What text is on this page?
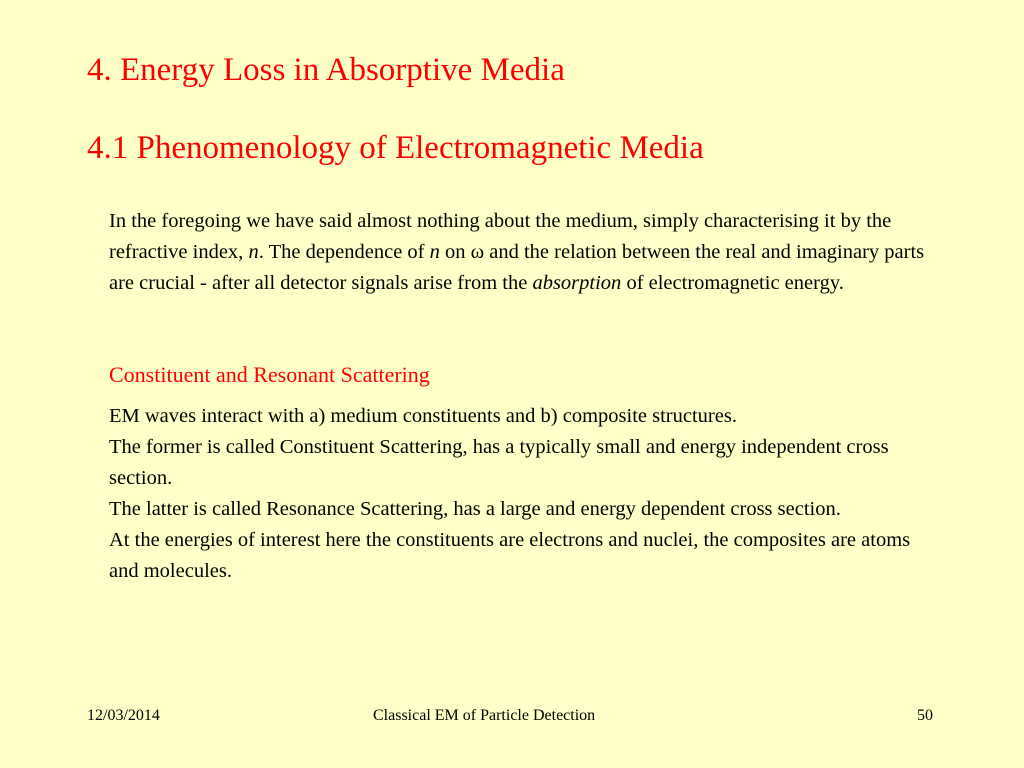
4. Energy Loss in Absorptive Media
4.1 Phenomenology of Electromagnetic Media
In the foregoing we have said almost nothing about the medium, simply characterising it by the refractive index, n. The dependence of n on ω and the relation between the real and imaginary parts are crucial - after all detector signals arise from the absorption of electromagnetic energy.
Constituent and Resonant Scattering
EM waves interact with a) medium constituents and b) composite structures.
The former is called Constituent Scattering, has a typically small and energy independent cross section.
The latter is called Resonance Scattering, has a large and energy dependent cross section.
At the energies of interest here the constituents are electrons and nuclei, the composites are atoms and molecules.
12/03/2014	Classical EM of Particle Detection	50
